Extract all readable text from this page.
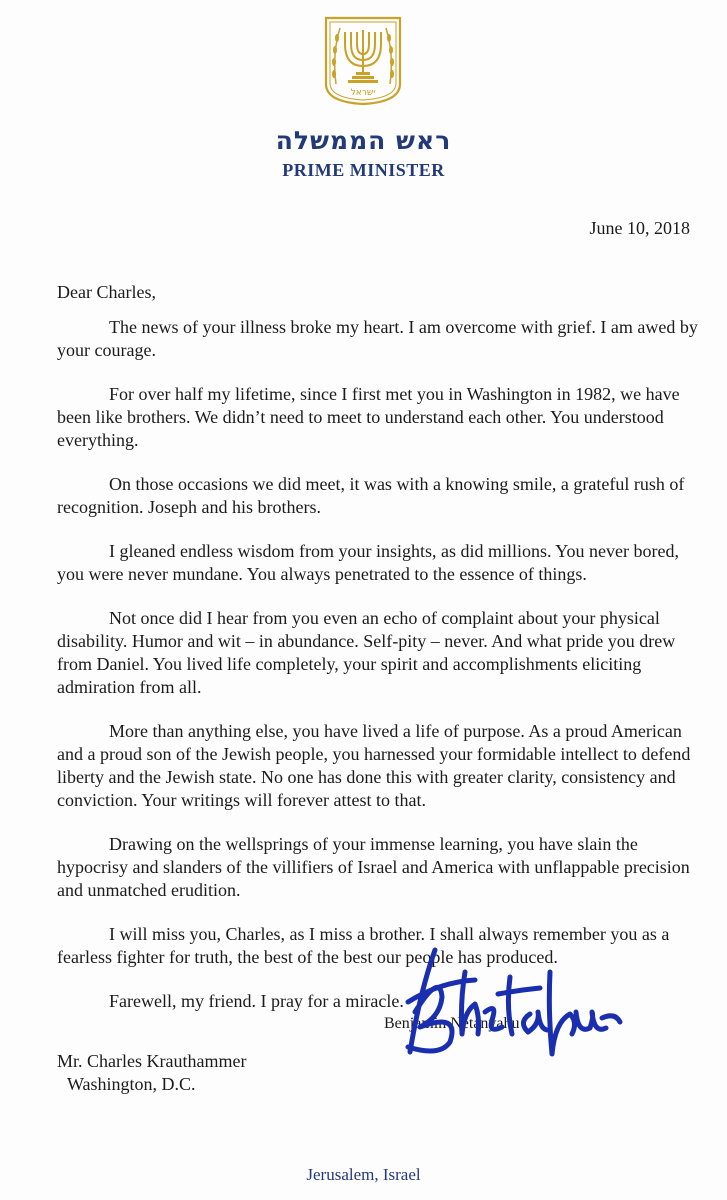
ישראל
ראש הממשלה
PRIME MINISTER
June 10, 2018
Dear Charles,

The news of your illness broke my heart. I am overcome with grief. I am awed by your courage.

For over half my lifetime, since I first met you in Washington in 1982, we have been like brothers. We didn’t need to meet to understand each other. You understood everything.

On those occasions we did meet, it was with a knowing smile, a grateful rush of recognition. Joseph and his brothers.

I gleaned endless wisdom from your insights, as did millions. You never bored, you were never mundane. You always penetrated to the essence of things.

Not once did I hear from you even an echo of complaint about your physical disability. Humor and wit – in abundance. Self-pity – never. And what pride you drew from Daniel. You lived life completely, your spirit and accomplishments eliciting admiration from all.

More than anything else, you have lived a life of purpose. As a proud American and a proud son of the Jewish people, you harnessed your formidable intellect to defend liberty and the Jewish state. No one has done this with greater clarity, consistency and conviction. Your writings will forever attest to that.

Drawing on the wellsprings of your immense learning, you have slain the hypocrisy and slanders of the villifiers of Israel and America with unflappable precision and unmatched erudition.

I will miss you, Charles, as I miss a brother. I shall always remember you as a fearless fighter for truth, the best of the best our people has produced.

Farewell, my friend. I pray for a miracle.

Benjamin Netanyahu
Mr. Charles Krauthammer
Washington, D.C.
Jerusalem, Israel
